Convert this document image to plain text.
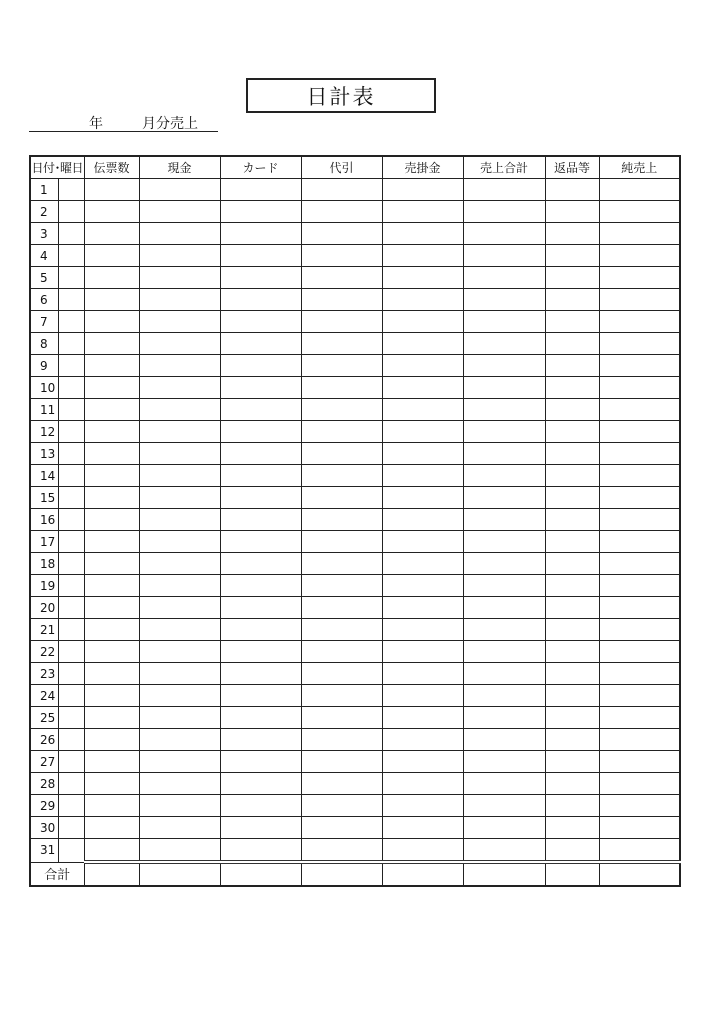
日計表
年	月分売上
日付･曜日		伝票数	現金	カード	代引	売掛金	売上合計	返品等	純売上
1									
2									
3									
4									
5									
6									
7									
8									
9									
10									
11									
12									
13									
14									
15									
16									
17									
18									
19									
20									
21									
22									
23									
24									
25									
26									
27									
28									
29									
30									
31									
合計									
